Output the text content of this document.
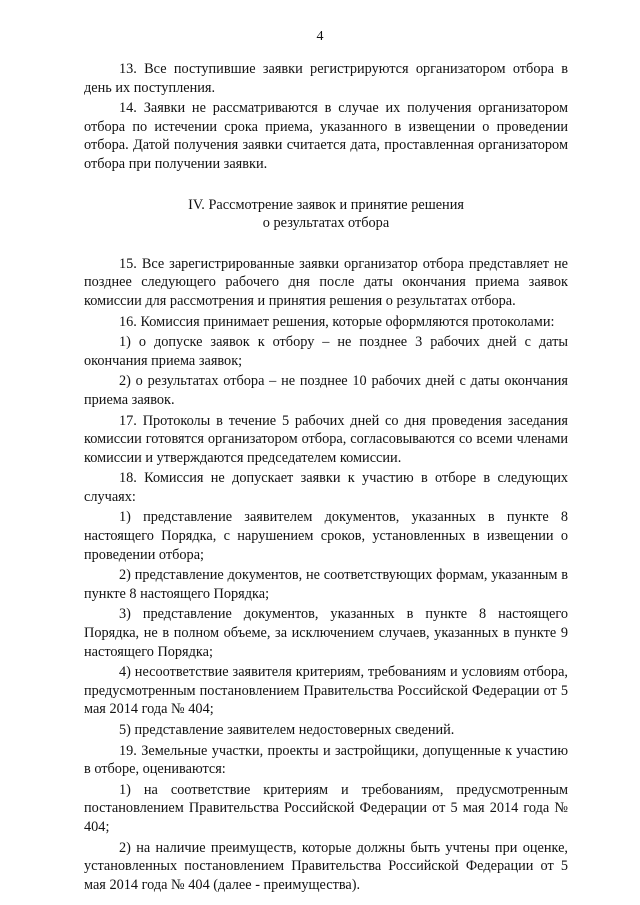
4

13. Все поступившие заявки регистрируются организатором отбора в день их поступления.

14. Заявки не рассматриваются в случае их получения организатором отбора по истечении срока приема, указанного в извещении о проведении отбора. Датой получения заявки считается дата, проставленная организатором отбора при получении заявки.

IV. Рассмотрение заявок и принятие решения
о результатах отбора

15. Все зарегистрированные заявки организатор отбора представляет не позднее следующего рабочего дня после даты окончания приема заявок комиссии для рассмотрения и принятия решения о результатах отбора.

16. Комиссия принимает решения, которые оформляются протоколами:

1) о допуске заявок к отбору – не позднее 3 рабочих дней с даты окончания приема заявок;

2) о результатах отбора – не позднее 10 рабочих дней с даты окончания приема заявок.

17. Протоколы в течение 5 рабочих дней со дня проведения заседания комиссии готовятся организатором отбора, согласовываются со всеми членами комиссии и утверждаются председателем комиссии.

18. Комиссия не допускает заявки к участию в отборе в следующих случаях:

1) представление заявителем документов, указанных в пункте 8 настоящего Порядка, с нарушением сроков, установленных в извещении о проведении отбора;

2) представление документов, не соответствующих формам, указанным в пункте 8 настоящего Порядка;

3) представление документов, указанных в пункте 8 настоящего Порядка, не в полном объеме, за исключением случаев, указанных в пункте 9 настоящего Порядка;

4) несоответствие заявителя критериям, требованиям и условиям отбора, предусмотренным постановлением Правительства Российской Федерации от 5 мая 2014 года № 404;

5) представление заявителем недостоверных сведений.

19. Земельные участки, проекты и застройщики, допущенные к участию в отборе, оцениваются:

1) на соответствие критериям и требованиям, предусмотренным постановлением Правительства Российской Федерации от 5 мая 2014 года № 404;

2) на наличие преимуществ, которые должны быть учтены при оценке, установленных постановлением Правительства Российской Федерации от 5 мая 2014 года № 404 (далее - преимущества).
